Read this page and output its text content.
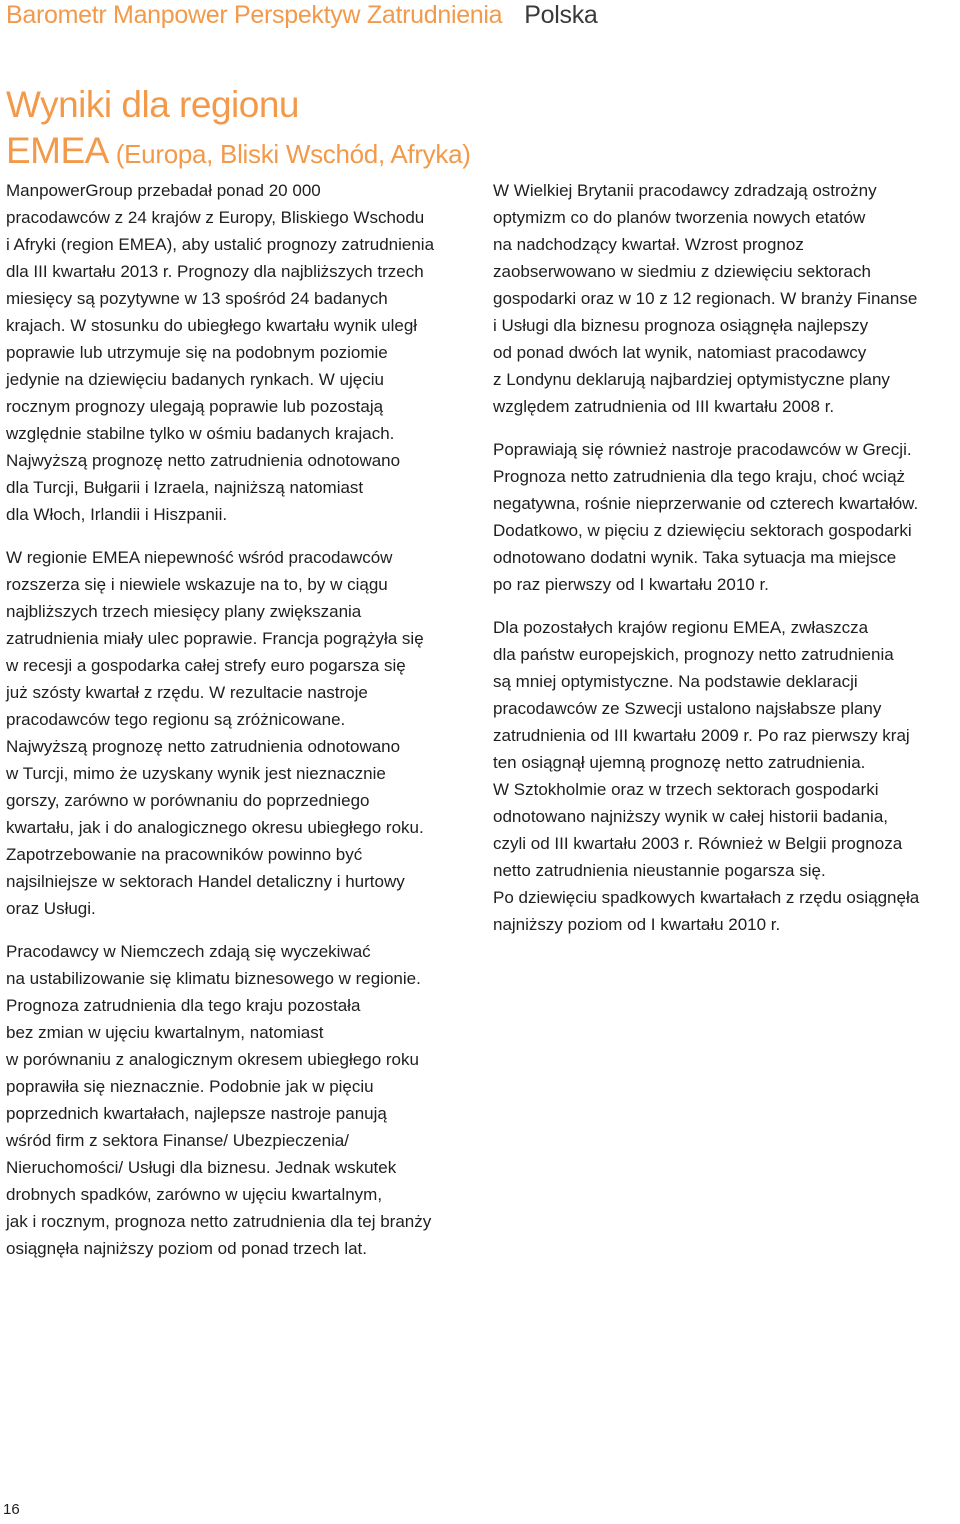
Barometr Manpower Perspektyw Zatrudnienia Polska
Wyniki dla regionu
EMEA (Europa, Bliski Wschód, Afryka)

ManpowerGroup przebadał ponad 20 000
pracodawców z 24 krajów z Europy, Bliskiego Wschodu
i Afryki (region EMEA), aby ustalić prognozy zatrudnienia
dla III kwartału 2013 r. Prognozy dla najbliższych trzech
miesięcy są pozytywne w 13 spośród 24 badanych
krajach. W stosunku do ubiegłego kwartału wynik uległ
poprawie lub utrzymuje się na podobnym poziomie
jedynie na dziewięciu badanych rynkach. W ujęciu
rocznym prognozy ulegają poprawie lub pozostają
względnie stabilne tylko w ośmiu badanych krajach.
Najwyższą prognozę netto zatrudnienia odnotowano
dla Turcji, Bułgarii i Izraela, najniższą natomiast
dla Włoch, Irlandii i Hiszpanii.

W regionie EMEA niepewność wśród pracodawców
rozszerza się i niewiele wskazuje na to, by w ciągu
najbliższych trzech miesięcy plany zwiększania
zatrudnienia miały ulec poprawie. Francja pogrążyła się
w recesji a gospodarka całej strefy euro pogarsza się
już szósty kwartał z rzędu. W rezultacie nastroje
pracodawców tego regionu są zróżnicowane.
Najwyższą prognozę netto zatrudnienia odnotowano
w Turcji, mimo że uzyskany wynik jest nieznacznie
gorszy, zarówno w porównaniu do poprzedniego
kwartału, jak i do analogicznego okresu ubiegłego roku.
Zapotrzebowanie na pracowników powinno być
najsilniejsze w sektorach Handel detaliczny i hurtowy
oraz Usługi.

Pracodawcy w Niemczech zdają się wyczekiwać
na ustabilizowanie się klimatu biznesowego w regionie.
Prognoza zatrudnienia dla tego kraju pozostała
bez zmian w ujęciu kwartalnym, natomiast
w porównaniu z analogicznym okresem ubiegłego roku
poprawiła się nieznacznie. Podobnie jak w pięciu
poprzednich kwartałach, najlepsze nastroje panują
wśród firm z sektora Finanse/ Ubezpieczenia/
Nieruchomości/ Usługi dla biznesu. Jednak wskutek
drobnych spadków, zarówno w ujęciu kwartalnym,
jak i rocznym, prognoza netto zatrudnienia dla tej branży
osiągnęła najniższy poziom od ponad trzech lat.

W Wielkiej Brytanii pracodawcy zdradzają ostrożny
optymizm co do planów tworzenia nowych etatów
na nadchodzący kwartał. Wzrost prognoz
zaobserwowano w siedmiu z dziewięciu sektorach
gospodarki oraz w 10 z 12 regionach. W branży Finanse
i Usługi dla biznesu prognoza osiągnęła najlepszy
od ponad dwóch lat wynik, natomiast pracodawcy
z Londynu deklarują najbardziej optymistyczne plany
względem zatrudnienia od III kwartału 2008 r.

Poprawiają się również nastroje pracodawców w Grecji.
Prognoza netto zatrudnienia dla tego kraju, choć wciąż
negatywna, rośnie nieprzerwanie od czterech kwartałów.
Dodatkowo, w pięciu z dziewięciu sektorach gospodarki
odnotowano dodatni wynik. Taka sytuacja ma miejsce
po raz pierwszy od I kwartału 2010 r.

Dla pozostałych krajów regionu EMEA, zwłaszcza
dla państw europejskich, prognozy netto zatrudnienia
są mniej optymistyczne. Na podstawie deklaracji
pracodawców ze Szwecji ustalono najsłabsze plany
zatrudnienia od III kwartału 2009 r. Po raz pierwszy kraj
ten osiągnął ujemną prognozę netto zatrudnienia.
W Sztokholmie oraz w trzech sektorach gospodarki
odnotowano najniższy wynik w całej historii badania,
czyli od III kwartału 2003 r. Również w Belgii prognoza
netto zatrudnienia nieustannie pogarsza się.
Po dziewięciu spadkowych kwartałach z rzędu osiągnęła
najniższy poziom od I kwartału 2010 r.

16
